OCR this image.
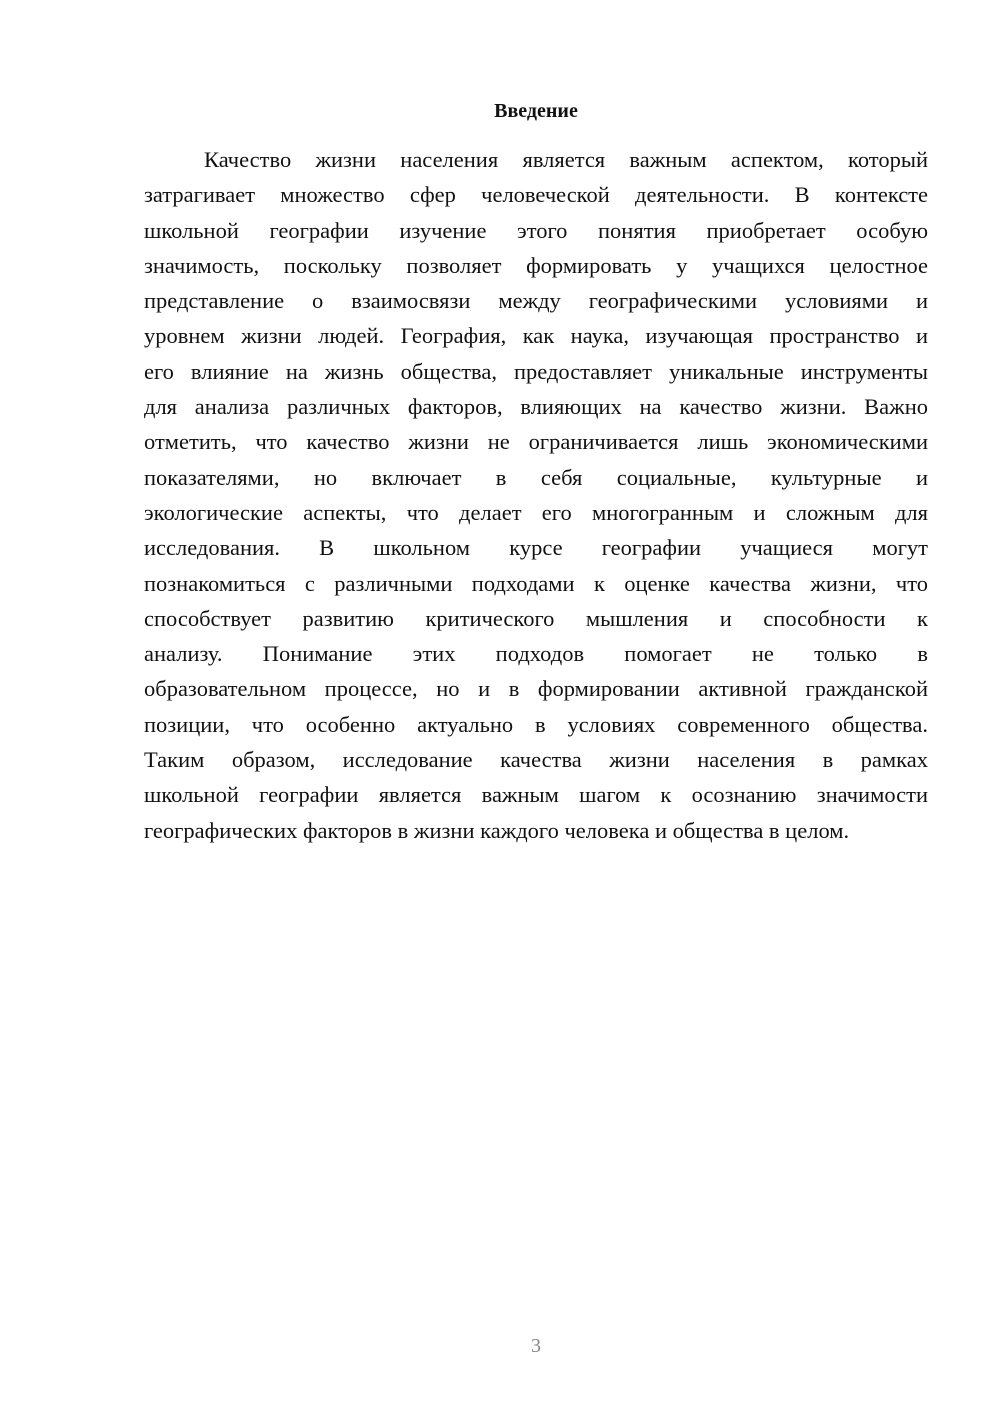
Введение
Качество жизни населения является важным аспектом, который
затрагивает множество сфер человеческой деятельности. В контексте
школьной географии изучение этого понятия приобретает особую
значимость, поскольку позволяет формировать у учащихся целостное
представление о взаимосвязи между географическими условиями и
уровнем жизни людей. География, как наука, изучающая пространство и
его влияние на жизнь общества, предоставляет уникальные инструменты
для анализа различных факторов, влияющих на качество жизни. Важно
отметить, что качество жизни не ограничивается лишь экономическими
показателями, но включает в себя социальные, культурные и
экологические аспекты, что делает его многогранным и сложным для
исследования. В школьном курсе географии учащиеся могут
познакомиться с различными подходами к оценке качества жизни, что
способствует развитию критического мышления и способности к
анализу. Понимание этих подходов помогает не только в
образовательном процессе, но и в формировании активной гражданской
позиции, что особенно актуально в условиях современного общества.
Таким образом, исследование качества жизни населения в рамках
школьной географии является важным шагом к осознанию значимости
географических факторов в жизни каждого человека и общества в целом.
3
